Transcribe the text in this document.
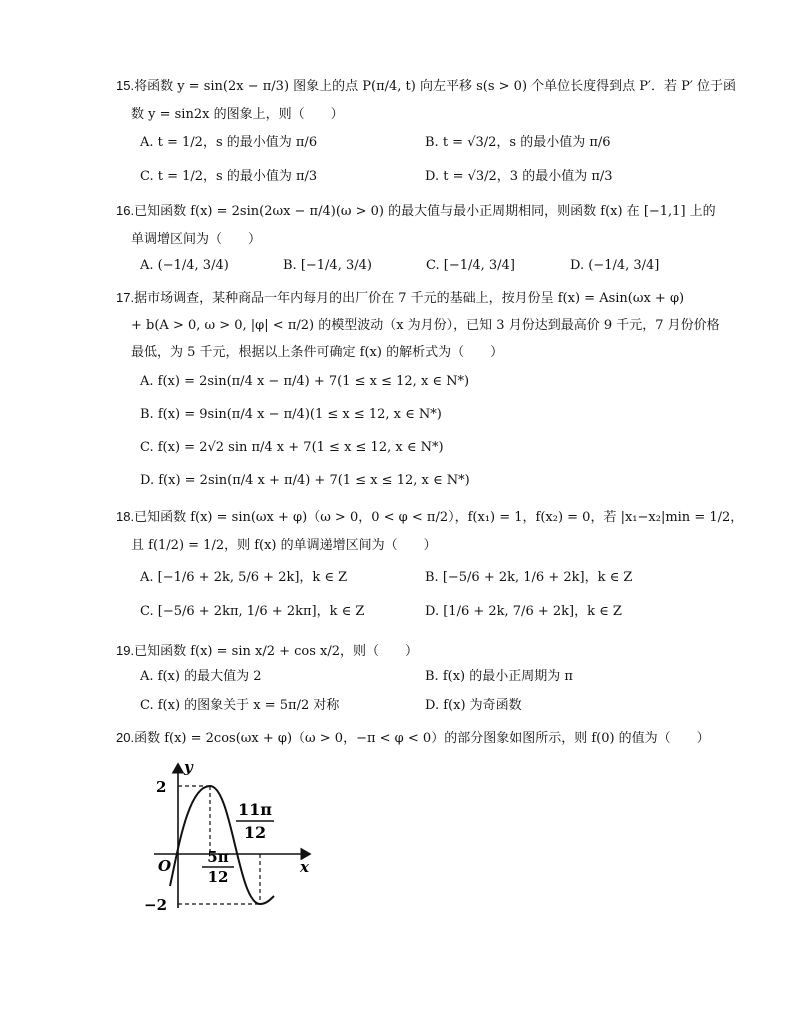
15.将函数 y = sin(2x − π/3) 图象上的点 P(π/4, t) 向左平移 s(s > 0) 个单位长度得到点 P′．若 P′ 位于函
数 y = sin2x 的图象上，则（　　）
A. t = 1/2，s 的最小值为 π/6	B. t = √3/2，s 的最小值为 π/6
C. t = 1/2，s 的最小值为 π/3	D. t = √3/2，3 的最小值为 π/3
16.已知函数 f(x) = 2sin(2ωx − π/4)(ω > 0) 的最大值与最小正周期相同，则函数 f(x) 在 [−1,1] 上的
单调增区间为（　　）
A. (−1/4, 3/4)	B. [−1/4, 3/4)	C. [−1/4, 3/4]	D. (−1/4, 3/4]
17.据市场调查，某种商品一年内每月的出厂价在 7 千元的基础上，按月份呈 f(x) = Asin(ωx + φ)
+ b(A > 0, ω > 0, |φ| < π/2) 的模型波动（x 为月份），已知 3 月份达到最高价 9 千元，7 月份价格
最低，为 5 千元，根据以上条件可确定 f(x) 的解析式为（　　）
A. f(x) = 2sin(π/4 x − π/4) + 7(1 ≤ x ≤ 12, x ∈ N*)
B. f(x) = 9sin(π/4 x − π/4)(1 ≤ x ≤ 12, x ∈ N*)
C. f(x) = 2√2 sin π/4 x + 7(1 ≤ x ≤ 12, x ∈ N*)
D. f(x) = 2sin(π/4 x + π/4) + 7(1 ≤ x ≤ 12, x ∈ N*)
18.已知函数 f(x) = sin(ωx + φ)（ω > 0，0 < φ < π/2），f(x₁) = 1，f(x₂) = 0，若 |x₁−x₂|min = 1/2，
且 f(1/2) = 1/2，则 f(x) 的单调递增区间为（　　）
A. [−1/6 + 2k, 5/6 + 2k]，k ∈ Z	B. [−5/6 + 2k, 1/6 + 2k]，k ∈ Z
C. [−5/6 + 2kπ, 1/6 + 2kπ]，k ∈ Z	D. [1/6 + 2k, 7/6 + 2k]，k ∈ Z
19.已知函数 f(x) = sin x/2 + cos x/2，则（　　）
A. f(x) 的最大值为 2	B. f(x) 的最小正周期为 π
C. f(x) 的图象关于 x = 5π/2 对称	D. f(x) 为奇函数
20.函数 f(x) = 2cos(ωx + φ)（ω > 0，−π < φ < 0）的部分图象如图所示，则 f(0) 的值为（　　）
y
x
O
2
−2
5π
12
11π
12
